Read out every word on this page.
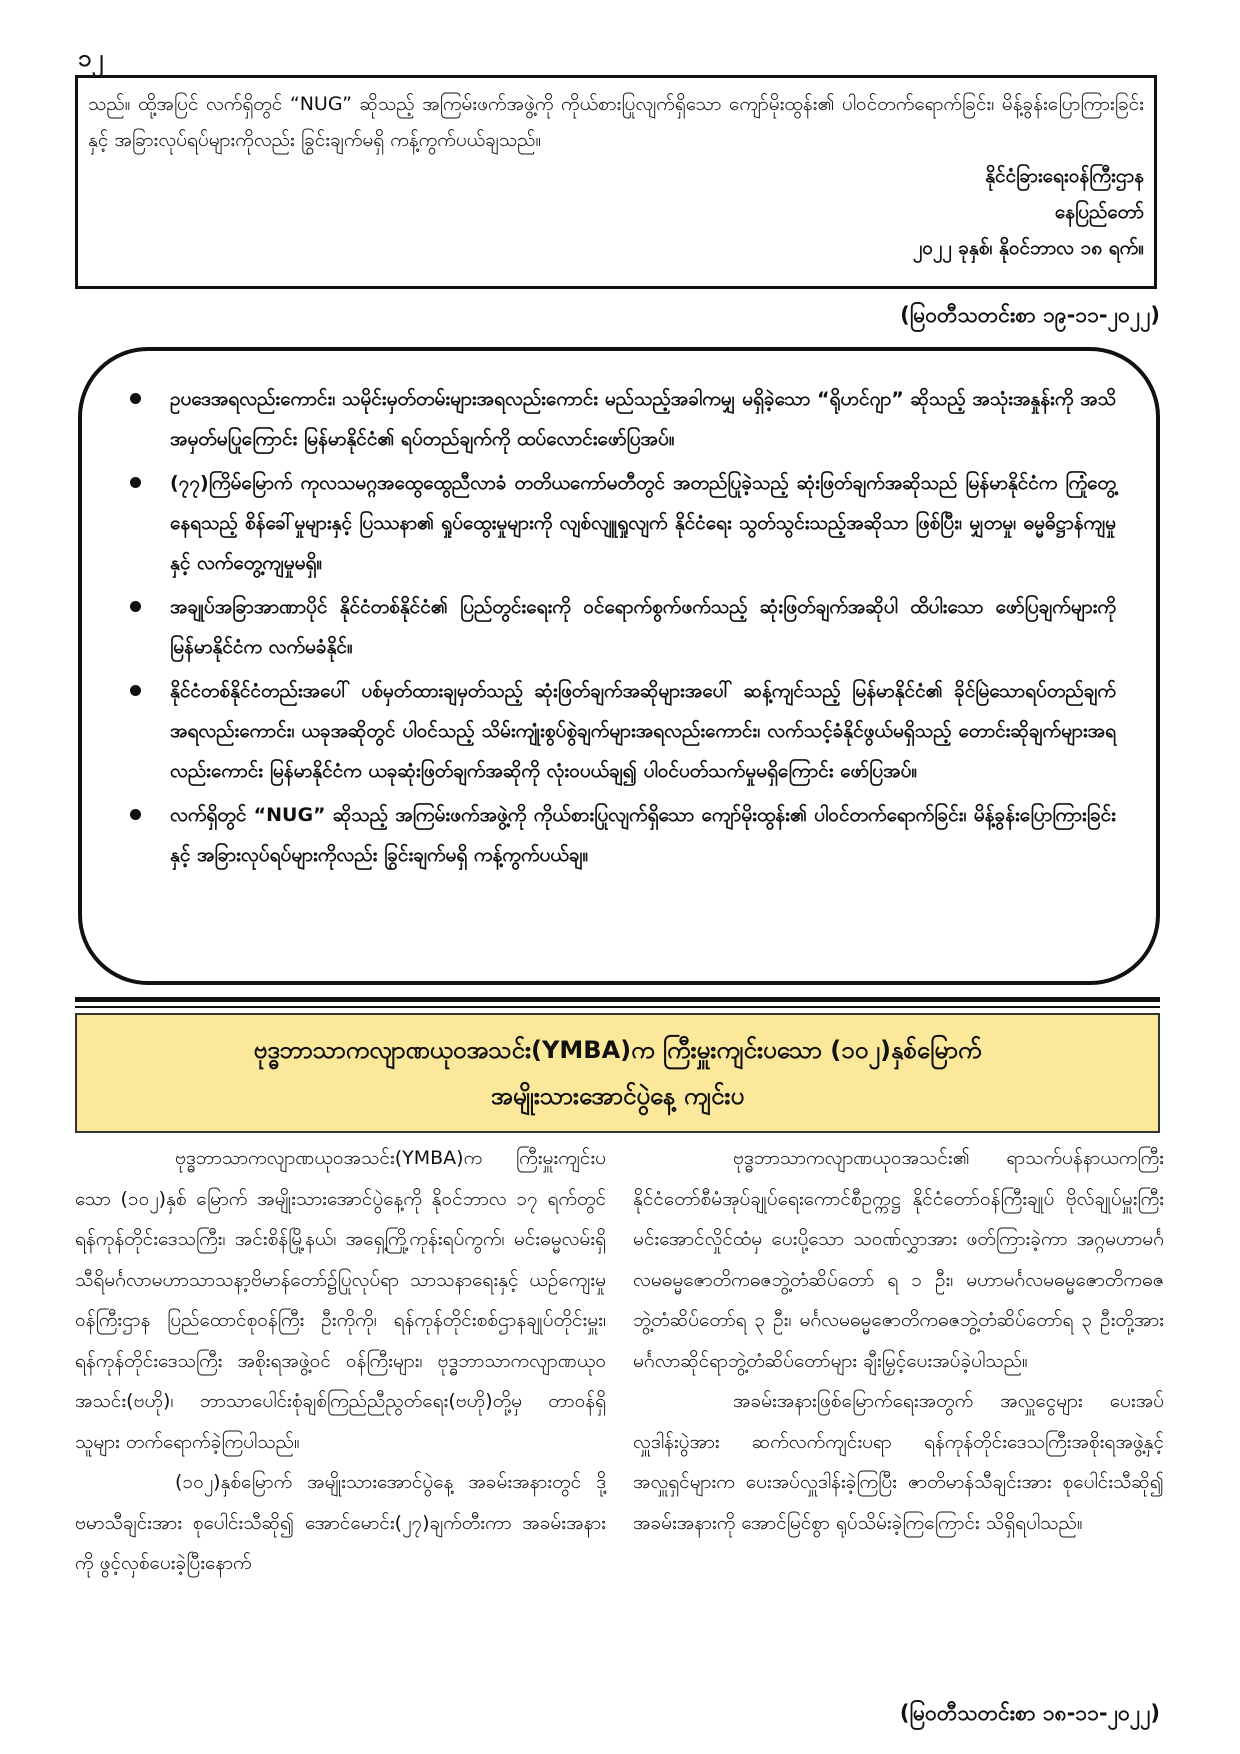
၁၂

သည်။ ထို့အပြင် လက်ရှိတွင် “NUG” ဆိုသည့် အကြမ်းဖက်အဖွဲ့ကို ကိုယ်စားပြုလျက်ရှိသော ကျော်မိုးထွန်း၏ ပါဝင်တက်ရောက်ခြင်း၊ မိန့်ခွန်းပြောကြားခြင်းနှင့် အခြားလုပ်ရပ်များကိုလည်း ခြွင်းချက်မရှိ ကန့်ကွက်ပယ်ချသည်။

နိုင်ငံခြားရေးဝန်ကြီးဌာန
နေပြည်တော်
၂၀၂၂ ခုနှစ်၊ နိုဝင်ဘာလ ၁၈ ရက်။
(မြဝတီသတင်းစာ ၁၉-၁၁-၂၀၂၂)
ဥပဒေအရလည်းကောင်း၊ သမိုင်းမှတ်တမ်းများအရလည်းကောင်း မည်သည့်အခါကမျှ မရှိခဲ့သော “ရိုဟင်ဂျာ” ဆိုသည့် အသုံးအနှုန်းကို အသိအမှတ်မပြုကြောင်း မြန်မာနိုင်ငံ၏ ရပ်တည်ချက်ကို ထပ်လောင်းဖော်ပြအပ်။
(၇၇)ကြိမ်မြောက် ကုလသမဂ္ဂအထွေထွေညီလာခံ တတိယကော်မတီတွင် အတည်ပြုခဲ့သည့် ဆုံးဖြတ်ချက်အဆိုသည် မြန်မာနိုင်ငံက ကြုံတွေ့နေရသည့် စိန်ခေါ်မှုများနှင့် ပြဿနာ၏ ရှုပ်ထွေးမှုများကို လျစ်လျူရှုလျက် နိုင်ငံရေး သွတ်သွင်းသည့်အဆိုသာ ဖြစ်ပြီး၊ မျှတမှု၊ ဓမ္မဓိဋ္ဌာန်ကျမှုနှင့် လက်တွေ့ကျမှုမရှိ။
အချုပ်အခြာအာဏာပိုင် နိုင်ငံတစ်နိုင်ငံ၏ ပြည်တွင်းရေးကို ဝင်ရောက်စွက်ဖက်သည့် ဆုံးဖြတ်ချက်အဆိုပါ ထိပါးသော ဖော်ပြချက်များကို မြန်မာနိုင်ငံက လက်မခံနိုင်။
နိုင်ငံတစ်နိုင်ငံတည်းအပေါ် ပစ်မှတ်ထားချမှတ်သည့် ဆုံးဖြတ်ချက်အဆိုများအပေါ် ဆန့်ကျင်သည့် မြန်မာနိုင်ငံ၏ ခိုင်မြဲသောရပ်တည်ချက်အရလည်းကောင်း၊ ယခုအဆိုတွင် ပါဝင်သည့် သိမ်းကျုံးစွပ်စွဲချက်များအရလည်းကောင်း၊ လက်သင့်ခံနိုင်ဖွယ်မရှိသည့် တောင်းဆိုချက်များအရလည်းကောင်း မြန်မာနိုင်ငံက ယခုဆုံးဖြတ်ချက်အဆိုကို လုံးဝပယ်ချ၍ ပါဝင်ပတ်သက်မှုမရှိကြောင်း ဖော်ပြအပ်။
လက်ရှိတွင် “NUG” ဆိုသည့် အကြမ်းဖက်အဖွဲ့ကို ကိုယ်စားပြုလျက်ရှိသော ကျော်မိုးထွန်း၏ ပါဝင်တက်ရောက်ခြင်း၊ မိန့်ခွန်းပြောကြားခြင်းနှင့် အခြားလုပ်ရပ်များကိုလည်း ခြွင်းချက်မရှိ ကန့်ကွက်ပယ်ချ။
ဗုဒ္ဓဘာသာကလျာဏယုဝအသင်း(YMBA)က ကြီးမှူးကျင်းပသော (၁၀၂)နှစ်မြောက်
အမျိုးသားအောင်ပွဲနေ့ ကျင်းပ

ဗုဒ္ဓဘာသာကလျာဏယုဝအသင်း(YMBA)က ကြီးမှူးကျင်းပသော (၁၀၂)နှစ် မြောက် အမျိုးသားအောင်ပွဲနေ့ကို နိုဝင်ဘာလ ၁၇ ရက်တွင် ရန်ကုန်တိုင်းဒေသကြီး၊ အင်းစိန်မြို့နယ်၊ အရှေ့ကြို့ကုန်းရပ်ကွက်၊ မင်းဓမ္မလမ်းရှိ သီရိမင်္ဂလာမဟာသာသနာ့ဗိမာန်တော်၌ပြုလုပ်ရာ သာသနာရေးနှင့် ယဉ်ကျေးမှုဝန်ကြီးဌာန ပြည်ထောင်စုဝန်ကြီး ဦးကိုကို၊ ရန်ကုန်တိုင်းစစ်ဌာနချုပ်တိုင်းမှူး၊ ရန်ကုန်တိုင်းဒေသကြီး အစိုးရအဖွဲ့ဝင် ဝန်ကြီးများ၊ ဗုဒ္ဓဘာသာကလျာဏယုဝအသင်း(ဗဟို)၊ ဘာသာပေါင်းစုံချစ်ကြည်ညီညွတ်ရေး(ဗဟို)တို့မှ တာဝန်ရှိသူများ တက်ရောက်ခဲ့ကြပါသည်။

(၁၀၂)နှစ်မြောက် အမျိုးသားအောင်ပွဲနေ့ အခမ်းအနားတွင် ဒို့ဗမာသီချင်းအား စုပေါင်းသီဆို၍ အောင်မောင်း(၂၇)ချက်တီးကာ အခမ်းအနားကို ဖွင့်လှစ်ပေးခဲ့ပြီးနောက်

ဗုဒ္ဓဘာသာကလျာဏယုဝအသင်း၏ ရာသက်ပန်နာယကကြီး နိုင်ငံတော်စီမံအုပ်ချုပ်ရေးကောင်စီဥက္ကဋ္ဌ နိုင်ငံတော်ဝန်ကြီးချုပ် ဗိုလ်ချုပ်မှူးကြီးမင်းအောင်လှိုင်ထံမှ ပေးပို့သော သဝဏ်လွှာအား ဖတ်ကြားခဲ့ကာ အဂ္ဂမဟာမင်္ဂလမဓမ္မဇောတိကဓဇဘွဲ့တံဆိပ်တော် ရ ၁ ဦး၊ မဟာမင်္ဂလမဓမ္မဇောတိကဓဇဘွဲ့တံဆိပ်တော်ရ ၃ ဦး၊ မင်္ဂလမဓမ္မဇောတိကဓဇဘွဲ့တံဆိပ်တော်ရ ၃ ဦးတို့အား မင်္ဂလာဆိုင်ရာဘွဲ့တံဆိပ်တော်များ ချီးမြှင့်ပေးအပ်ခဲ့ပါသည်။

အခမ်းအနားဖြစ်မြောက်ရေးအတွက် အလှူငွေများ ပေးအပ်လှူဒါန်းပွဲအား ဆက်လက်ကျင်းပရာ ရန်ကုန်တိုင်းဒေသကြီးအစိုးရအဖွဲ့နှင့် အလှူရှင်များက ပေးအပ်လှူဒါန်းခဲ့ကြပြီး ဇာတိမာန်သီချင်းအား စုပေါင်းသီဆို၍ အခမ်းအနားကို အောင်မြင်စွာ ရုပ်သိမ်းခဲ့ကြကြောင်း သိရှိရပါသည်။

(မြဝတီသတင်းစာ ၁၈-၁၁-၂၀၂၂)
